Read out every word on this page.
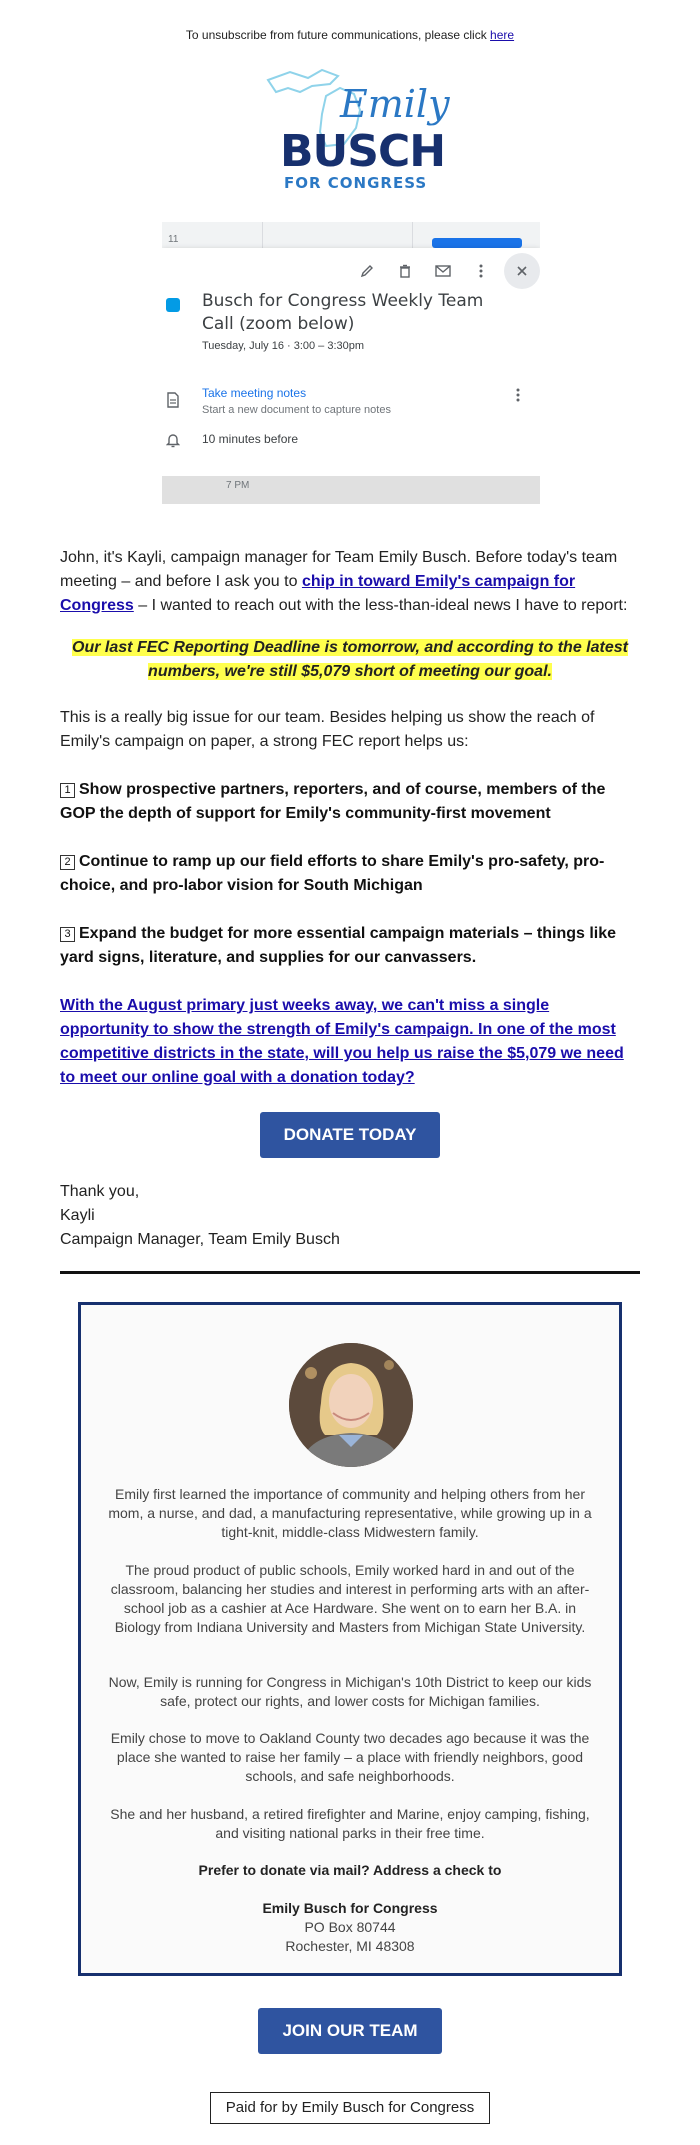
To unsubscribe from future communications, please click here
Emily
BUSCH
FOR CONGRESS
11
Busch for Congress Weekly Team Call (zoom below)
Tuesday, July 16 · 3:00 – 3:30pm
Take meeting notes
Start a new document to capture notes
10 minutes before
7 PM
John, it's Kayli, campaign manager for Team Emily Busch. Before today's team meeting – and before I ask you to chip in toward Emily's campaign for Congress – I wanted to reach out with the less-than-ideal news I have to report:
Our last FEC Reporting Deadline is tomorrow, and according to the latest numbers, we're still $5,079 short of meeting our goal.
This is a really big issue for our team. Besides helping us show the reach of Emily's campaign on paper, a strong FEC report helps us:
1 Show prospective partners, reporters, and of course, members of the GOP the depth of support for Emily's community-first movement
2 Continue to ramp up our field efforts to share Emily's pro-safety, pro-choice, and pro-labor vision for South Michigan
3 Expand the budget for more essential campaign materials – things like yard signs, literature, and supplies for our canvassers.
With the August primary just weeks away, we can't miss a single opportunity to show the strength of Emily's campaign. In one of the most competitive districts in the state, will you help us raise the $5,079 we need to meet our online goal with a donation today?
DONATE TODAY
Thank you,
Kayli
Campaign Manager, Team Emily Busch
Emily first learned the importance of community and helping others from her mom, a nurse, and dad, a manufacturing representative, while growing up in a tight-knit, middle-class Midwestern family.
The proud product of public schools, Emily worked hard in and out of the classroom, balancing her studies and interest in performing arts with an after-school job as a cashier at Ace Hardware. She went on to earn her B.A. in Biology from Indiana University and Masters from Michigan State University.
Now, Emily is running for Congress in Michigan's 10th District to keep our kids safe, protect our rights, and lower costs for Michigan families.
Emily chose to move to Oakland County two decades ago because it was the place she wanted to raise her family – a place with friendly neighbors, good schools, and safe neighborhoods.
She and her husband, a retired firefighter and Marine, enjoy camping, fishing, and visiting national parks in their free time.
Prefer to donate via mail? Address a check to
Emily Busch for Congress
PO Box 80744
Rochester, MI 48308
JOIN OUR TEAM
Paid for by Emily Busch for Congress
